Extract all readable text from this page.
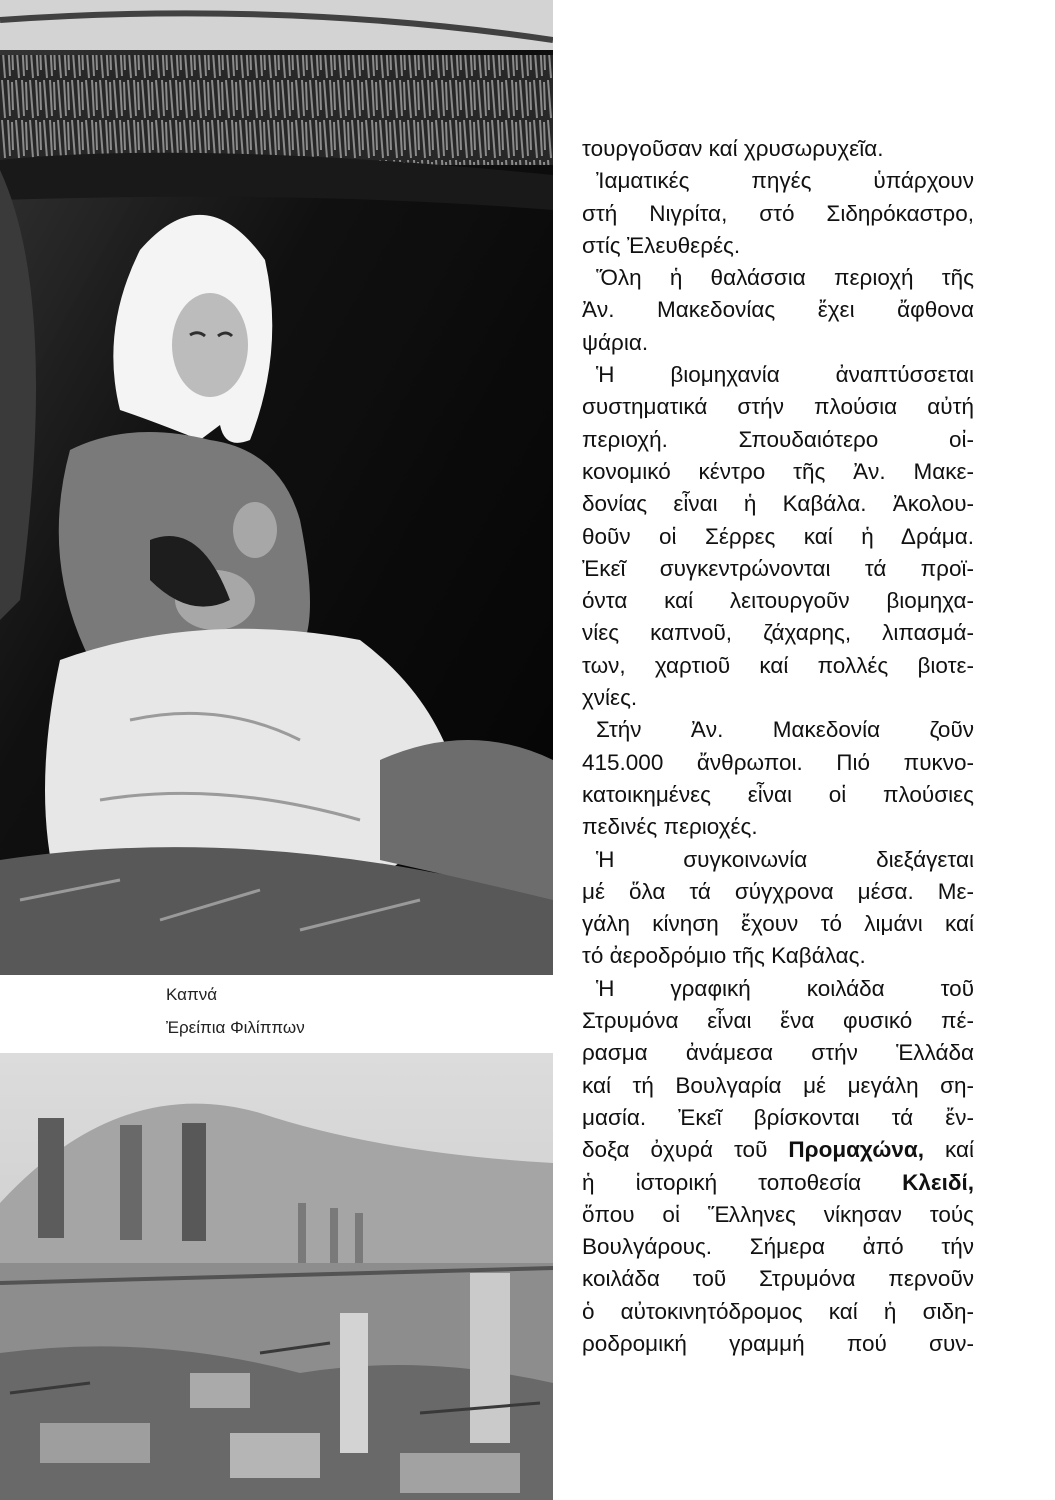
Καπνά
Ἐρείπια Φιλίππων
τουργοῦσαν καί χρυσωρυχεῖα.
Ἰαματικές πηγές ὑπάρχουν
στή Νιγρίτα, στό Σιδηρόκαστρο,
στίς Ἐλευθερές.
Ὅλη ἡ θαλάσσια περιοχή τῆς
Ἀν. Μακεδονίας ἔχει ἄφθονα
ψάρια.
Ἡ βιομηχανία ἀναπτύσσεται
συστηματικά στήν πλούσια αὐτή
περιοχή. Σπουδαιότερο οἰ-
κονομικό κέντρο τῆς Ἀν. Μακε-
δονίας εἶναι ἡ Καβάλα. Ἀκολου-
θοῦν οἱ Σέρρες καί ἡ Δράμα.
Ἐκεῖ συγκεντρώνονται τά προϊ-
όντα καί λειτουργοῦν βιομηχα-
νίες καπνοῦ, ζάχαρης, λιπασμά-
των, χαρτιοῦ καί πολλές βιοτε-
χνίες.
Στήν Ἀν. Μακεδονία ζοῦν
415.000 ἄνθρωποι. Πιό πυκνο-
κατοικημένες εἶναι οἱ πλούσιες
πεδινές περιοχές.
Ἡ συγκοινωνία διεξάγεται
μέ ὅλα τά σύγχρονα μέσα. Με-
γάλη κίνηση ἔχουν τό λιμάνι καί
τό ἀεροδρόμιο τῆς Καβάλας.
Ἡ γραφική κοιλάδα τοῦ
Στρυμόνα εἶναι ἕνα φυσικό πέ-
ρασμα ἀνάμεσα στήν Ἑλλάδα
καί τή Βουλγαρία μέ μεγάλη ση-
μασία. Ἐκεῖ βρίσκονται τά ἔν-
δοξα ὀχυρά τοῦ Προμαχώνα, καί
ἡ ἱστορική τοποθεσία Κλειδί,
ὅπου οἱ Ἕλληνες νίκησαν τούς
Βουλγάρους. Σήμερα ἀπό τήν
κοιλάδα τοῦ Στρυμόνα περνοῦν
ὁ αὐτοκινητόδρομος καί ἡ σιδη-
ροδρομική γραμμή πού συν-
